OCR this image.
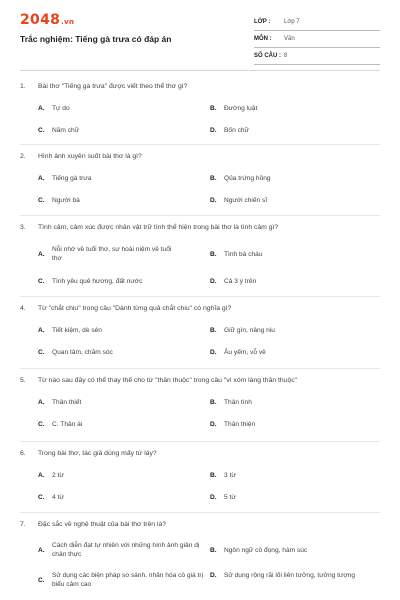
2048.vn
Trắc nghiệm: Tiếng gà trưa có đáp án
LỚP :	Lớp 7
MÔN :	Văn
SỐ CÂU : 8
1. Bài thơ "Tiếng gà trưa" được viết theo thể thơ gì?
A.	Tự do	B.	Đường luật
C.	Năm chữ	D.	Bốn chữ
2. Hình ảnh xuyên suốt bài thơ là gì?
A.	Tiếng gà trưa	B.	Qủa trứng hồng
C.	Người bà	D.	Người chiến sĩ
3. Tình cảm, cảm xúc được nhân vật trữ tình thể hiện trong bài thơ là tình cảm gì?
A.
Nỗi nhớ về tuổi thơ, sự hoài niệm về tuổi thơ
B.	Tình bà cháu
C.	Tình yêu quê hương, đất nước	D.	Cả 3 ý trên
4. Từ "chắt chiu" trong câu "Dành từng quả chắt chiu" có nghĩa gì?
A.	Tiết kiệm, dè sẻn	B.	Giữ gìn, nâng niu
C.	Quan tâm, chăm sóc	D.	Âu yếm, vỗ về
5. Từ nào sau đây có thể thay thế cho từ "thân thuộc" trong câu "vì xóm làng thân thuộc"
A.	Thân thiết	B.	Thân tình
C.	C. Thân ái	D.	Thân thiện
6. Trong bài thơ, tác giả dùng mấy từ láy?
A.	2 từ	B.	3 từ
C.	4 từ	D.	5 từ
7. Đặc sắc về nghệ thuật của bài thơ trên là?
A.
Cách diễn đạt tự nhiên với những hình ảnh giản dị chân thực
B.	Ngôn ngữ cô đọng, hàm súc
C.
Sử dụng các biện pháp so sánh, nhân hóa có giá trị biểu cảm cao
D.	Sử dụng rộng rãi lối liên tưởng, tưởng tượng
